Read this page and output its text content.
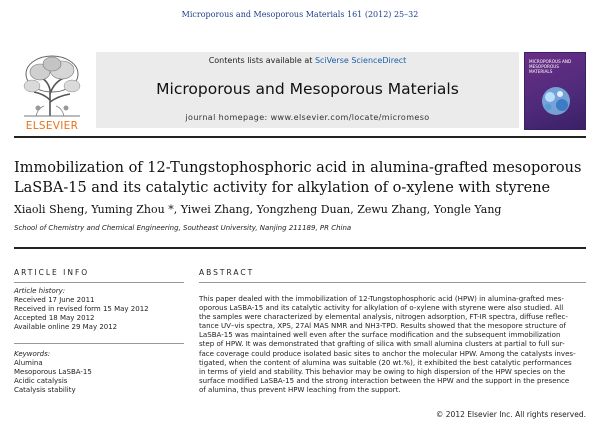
Microporous and Mesoporous Materials 161 (2012) 25–32
ELSEVIER
Contents lists available at SciVerse ScienceDirect
Microporous and Mesoporous Materials
journal homepage: www.elsevier.com/locate/micromeso
MICROPOROUS AND MESOPOROUS MATERIALS
Immobilization of 12-Tungstophosphoric acid in alumina-grafted mesoporous
LaSBA-15 and its catalytic activity for alkylation of o-xylene with styrene
Xiaoli Sheng, Yuming Zhou *, Yiwei Zhang, Yongzheng Duan, Zewu Zhang, Yongle Yang
School of Chemistry and Chemical Engineering, Southeast University, Nanjing 211189, PR China
ARTICLE INFO
Article history:
Received 17 June 2011
Received in revised form 15 May 2012
Accepted 18 May 2012
Available online 29 May 2012
Keywords:
Alumina
Mesoporous LaSBA-15
Acidic catalysis
Catalysis stability
ABSTRACT
This paper dealed with the immobilization of 12-Tungstophosphoric acid (HPW) in alumina-grafted mes-
oporous LaSBA-15 and its catalytic activity for alkylation of o-xylene with styrene were also studied. All
the samples were characterized by elemental analysis, nitrogen adsorption, FT-IR spectra, diffuse reflec-
tance UV–vis spectra, XPS, 27Al MAS NMR and NH3-TPD. Results showed that the mesopore structure of
LaSBA-15 was maintained well even after the surface modification and the subsequent immobilization
step of HPW. It was demonstrated that grafting of silica with small alumina clusters at partial to full sur-
face coverage could produce isolated basic sites to anchor the molecular HPW. Among the catalysts inves-
tigated, when the content of alumina was suitable (20 wt.%), it exhibited the best catalytic performances
in terms of yield and stability. This behavior may be owing to high dispersion of the HPW species on the
surface modified LaSBA-15 and the strong interaction between the HPW and the support in the presence
of alumina, thus prevent HPW leaching from the support.
© 2012 Elsevier Inc. All rights reserved.
